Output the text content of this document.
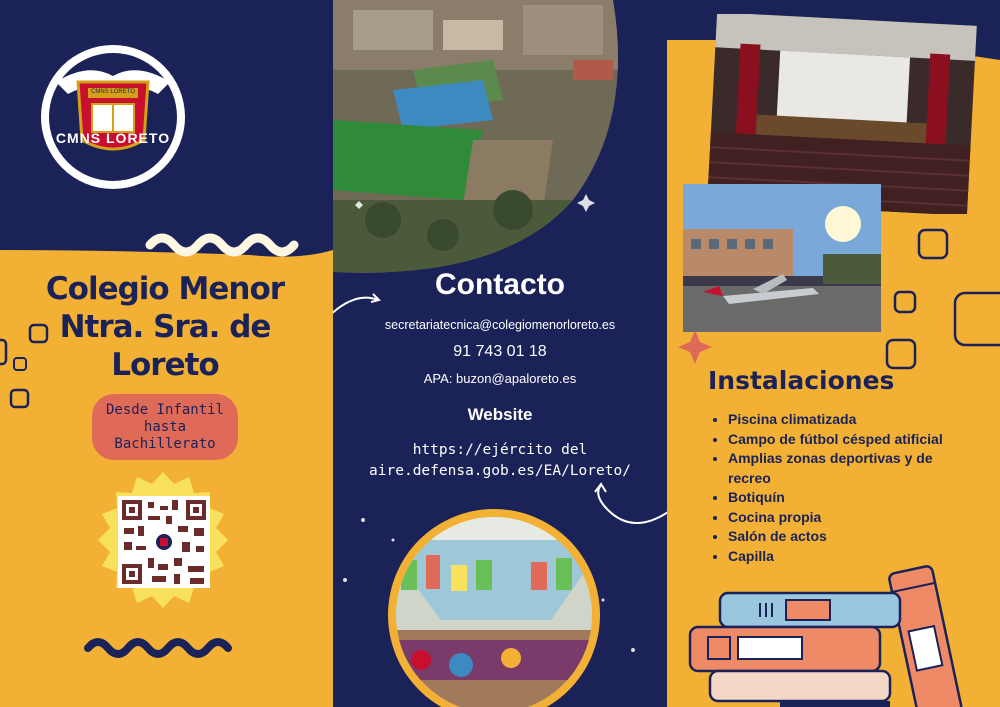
CMNS LORETO
CMNS LORETO
Colegio Menor Ntra. Sra. de Loreto
Desde Infantil hasta Bachillerato
Contacto
secretariatecnica@colegiomenorloreto.es
91 743 01 18
APA: buzon@apaloreto.es
Website
https://ejército del
aire.defensa.gob.es/EA/Loreto/
Instalaciones
• Piscina climatizada
• Campo de fútbol césped atificial
• Amplias zonas deportivas y de recreo
• Botiquín
• Cocina propia
• Salón de actos
• Capilla
